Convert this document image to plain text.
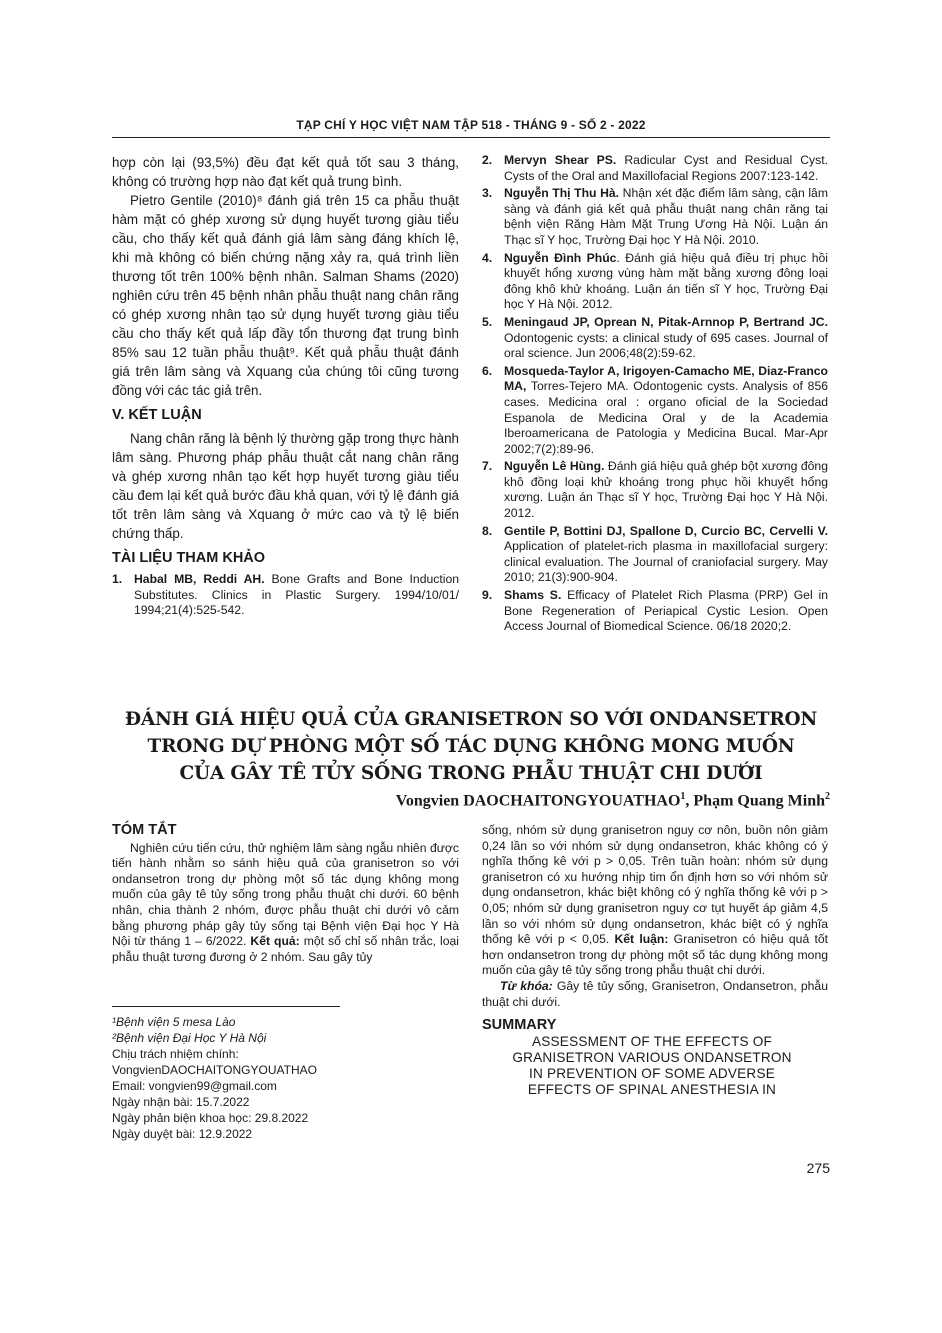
TẠP CHÍ Y HỌC VIỆT NAM TẬP 518 - THÁNG 9 - SỐ 2 - 2022

hợp còn lại (93,5%) đều đạt kết quả tốt sau 3 tháng, không có trường hợp nào đạt kết quả trung bình.

Pietro Gentile (2010)⁸ đánh giá trên 15 ca phẫu thuật hàm mặt có ghép xương sử dụng huyết tương giàu tiểu cầu, cho thấy kết quả đánh giá lâm sàng đáng khích lệ, khi mà không có biến chứng nặng xảy ra, quá trình liền thương tốt trên 100% bệnh nhân. Salman Shams (2020) nghiên cứu trên 45 bệnh nhân phẫu thuật nang chân răng có ghép xương nhân tạo sử dụng huyết tương giàu tiểu cầu cho thấy kết quả lấp đầy tổn thương đạt trung bình 85% sau 12 tuần phẫu thuật⁹. Kết quả phẫu thuật đánh giá trên lâm sàng và Xquang của chúng tôi cũng tương đồng với các tác giả trên.

V. KẾT LUẬN

Nang chân răng là bệnh lý thường gặp trong thực hành lâm sàng. Phương pháp phẫu thuật cắt nang chân răng và ghép xương nhân tạo kết hợp huyết tương giàu tiểu cầu đem lại kết quả bước đầu khả quan, với tỷ lệ đánh giá tốt trên lâm sàng và Xquang ở mức cao và tỷ lệ biến chứng thấp.

TÀI LIỆU THAM KHẢO
1. Habal MB, Reddi AH. Bone Grafts and Bone Induction Substitutes. Clinics in Plastic Surgery. 1994/10/01/ 1994;21(4):525-542.
2. Mervyn Shear PS. Radicular Cyst and Residual Cyst. Cysts of the Oral and Maxillofacial Regions 2007:123-142.
3. Nguyễn Thị Thu Hà. Nhận xét đặc điểm lâm sàng, cận lâm sàng và đánh giá kết quả phẫu thuật nang chân răng tại bệnh viện Răng Hàm Mặt Trung Ương Hà Nội. Luận án Thạc sĩ Y học, Trường Đại học Y Hà Nội. 2010.
4. Nguyễn Đình Phúc. Đánh giá hiệu quả điều trị phục hồi khuyết hổng xương vùng hàm mặt bằng xương đông loại đông khô khử khoáng. Luận án tiến sĩ Y học, Trường Đại học Y Hà Nội. 2012.
5. Meningaud JP, Oprean N, Pitak-Arnnop P, Bertrand JC. Odontogenic cysts: a clinical study of 695 cases. Journal of oral science. Jun 2006;48(2):59-62.
6. Mosqueda-Taylor A, Irigoyen-Camacho ME, Diaz-Franco MA, Torres-Tejero MA. Odontogenic cysts. Analysis of 856 cases. Medicina oral : organo oficial de la Sociedad Espanola de Medicina Oral y de la Academia Iberoamericana de Patologia y Medicina Bucal. Mar-Apr 2002;7(2):89-96.
7. Nguyễn Lê Hùng. Đánh giá hiệu quả ghép bột xương đông khô đồng loại khử khoáng trong phục hồi khuyết hổng xương. Luận án Thạc sĩ Y học, Trường Đại học Y Hà Nội. 2012.
8. Gentile P, Bottini DJ, Spallone D, Curcio BC, Cervelli V. Application of platelet-rich plasma in maxillofacial surgery: clinical evaluation. The Journal of craniofacial surgery. May 2010; 21(3):900-904.
9. Shams S. Efficacy of Platelet Rich Plasma (PRP) Gel in Bone Regeneration of Periapical Cystic Lesion. Open Access Journal of Biomedical Science. 06/18 2020;2.
ĐÁNH GIÁ HIỆU QUẢ CỦA GRANISETRON SO VỚI ONDANSETRON
TRONG DỰ PHÒNG MỘT SỐ TÁC DỤNG KHÔNG MONG MUỐN
CỦA GÂY TÊ TỦY SỐNG TRONG PHẪU THUẬT CHI DƯỚI
Vongvien DAOCHAITONGYOUATHAO$^1$, Phạm Quang Minh$^2$
TÓM TẮT

Nghiên cứu tiến cứu, thử nghiệm lâm sàng ngẫu nhiên được tiến hành nhằm so sánh hiệu quả của granisetron so với ondansetron trong dự phòng một số tác dụng không mong muốn của gây tê tủy sống trong phẫu thuật chi dưới. 60 bệnh nhân, chia thành 2 nhóm, được phẫu thuật chi dưới vô cảm bằng phương pháp gây tủy sống tại Bệnh viện Đại học Y Hà Nội từ tháng 1 – 6/2022. Kết quả: một số chỉ số nhân trắc, loại phẫu thuật tương đương ở 2 nhóm. Sau gây tủy

sống, nhóm sử dụng granisetron nguy cơ nôn, buồn nôn giảm 0,24 lần so với nhóm sử dụng ondansetron, khác không có ý nghĩa thống kê với p > 0,05. Trên tuần hoàn: nhóm sử dụng granisetron có xu hướng nhịp tim ổn định hơn so với nhóm sử dụng ondansetron, khác biệt không có ý nghĩa thống kê với p > 0,05; nhóm sử dụng granisetron nguy cơ tụt huyết áp giảm 4,5 lần so với nhóm sử dụng ondansetron, khác biệt có ý nghĩa thống kê với p < 0,05. Kết luận: Granisetron có hiệu quả tốt hơn ondansetron trong dự phòng một số tác dụng không mong muốn của gây tê tủy sống trong phẫu thuật chi dưới.

Từ khóa: Gây tê tủy sống, Granisetron, Ondansetron, phẫu thuật chi dưới.

SUMMARY
ASSESSMENT OF THE EFFECTS OF
GRANISETRON VARIOUS ONDANSETRON
IN PREVENTION OF SOME ADVERSE
EFFECTS OF SPINAL ANESTHESIA IN
¹Bệnh viện 5 mesa Lào
²Bệnh viện Đại Học Y Hà Nội
Chịu trách nhiệm chính:
VongvienDAOCHAITONGYOUATHAO
Email: vongvien99@gmail.com
Ngày nhận bài: 15.7.2022
Ngày phản biện khoa học: 29.8.2022
Ngày duyệt bài: 12.9.2022
275
